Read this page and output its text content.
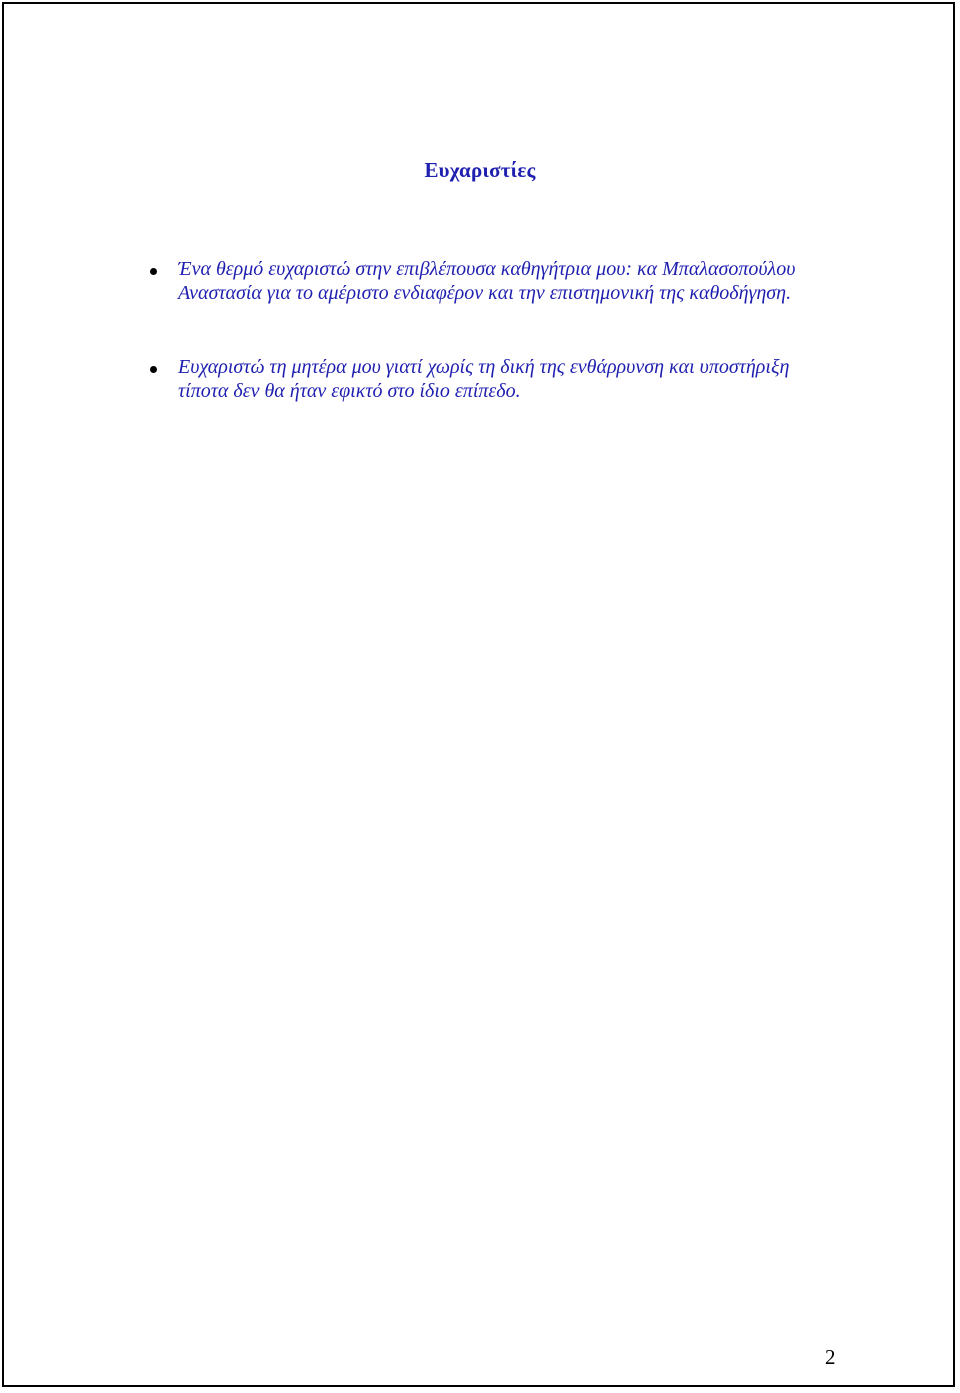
Ευχαριστίες
Ένα θερμό ευχαριστώ στην επιβλέπουσα καθηγήτρια μου: κα Μπαλασοπούλου
Αναστασία για το αμέριστο ενδιαφέρον και την επιστημονική της καθοδήγηση.
Ευχαριστώ τη μητέρα μου γιατί χωρίς τη δική της ενθάρρυνση και υποστήριξη
τίποτα δεν θα ήταν εφικτό στο ίδιο επίπεδο.
2
